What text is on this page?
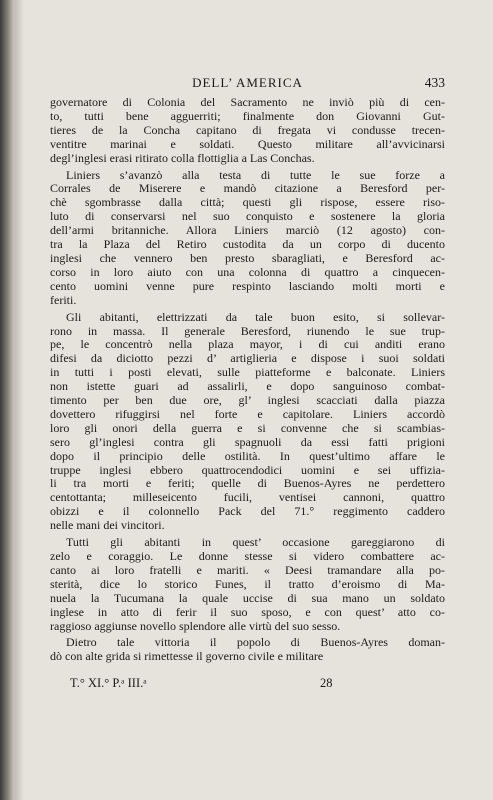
DELL’ AMERICA	433
governatore di Colonia del Sacramento ne inviò più di cen-
to, tutti bene agguerriti; finalmente don Giovanni Gut-
tieres de la Concha capitano di fregata vi condusse trecen-
ventitre marinai e soldati. Questo militare all’avvicinarsi
degl’inglesi erasi ritirato colla flottiglia a Las Conchas.
Liniers s’avanzò alla testa di tutte le sue forze a
Corrales de Miserere e mandò citazione a Beresford per-
chè sgombrasse dalla città; questi gli rispose, essere riso-
luto di conservarsi nel suo conquisto e sostenere la gloria
dell’armi britanniche. Allora Liniers marciò (12 agosto) con-
tra la Plaza del Retiro custodita da un corpo di ducento
inglesi che vennero ben presto sbaragliati, e Beresford ac-
corso in loro aiuto con una colonna di quattro a cinquecen-
cento uomini venne pure respinto lasciando molti morti e
feriti.
Gli abitanti, elettrizzati da tale buon esito, si sollevar-
rono in massa. Il generale Beresford, riunendo le sue trup-
pe, le concentrò nella plaza mayor, i di cui anditi erano
difesi da diciotto pezzi d’ artiglieria e dispose i suoi soldati
in tutti i posti elevati, sulle piatteforme e balconate. Liniers
non istette guari ad assalirli, e dopo sanguinoso combat-
timento per ben due ore, gl’ inglesi scacciati dalla piazza
dovettero rifuggirsi nel forte e capitolare. Liniers accordò
loro gli onori della guerra e si convenne che si scambias-
sero gl’inglesi contra gli spagnuoli da essi fatti prigioni
dopo il principio delle ostilità. In quest’ultimo affare le
truppe inglesi ebbero quattrocendodici uomini e sei uffizia-
li tra morti e feriti; quelle di Buenos-Ayres ne perdettero
centottanta; milleseicento fucili, ventisei cannoni, quattro
obizzi e il colonnello Pack del 71.° reggimento caddero
nelle mani dei vincitori.
Tutti gli abitanti in quest’ occasione gareggiarono di
zelo e coraggio. Le donne stesse si videro combattere ac-
canto ai loro fratelli e mariti. « Deesi tramandare alla po-
sterità, dice lo storico Funes, il tratto d’eroismo di Ma-
nuela la Tucumana la quale uccise di sua mano un soldato
inglese in atto di ferir il suo sposo, e con quest’ atto co-
raggioso aggiunse novello splendore alle virtù del suo sesso.
Dietro tale vittoria il popolo di Buenos-Ayres doman-
dò con alte grida si rimettesse il governo civile e militare
T.° XI.° P.ᵃ III.ᵃ	28
